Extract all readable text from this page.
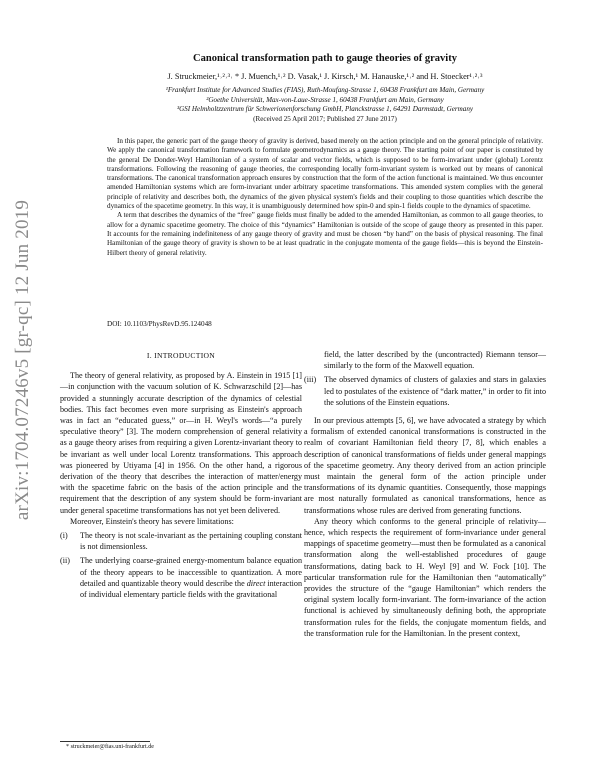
arXiv:1704.07246v5 [gr-qc] 12 Jun 2019
Canonical transformation path to gauge theories of gravity
J. Struckmeier,¹˒²˒³˒ * J. Muench,¹˒² D. Vasak,¹ J. Kirsch,¹ M. Hanauske,¹˒² and H. Stoecker¹˒²˒³
¹Frankfurt Institute for Advanced Studies (FIAS), Ruth-Moufang-Strasse 1, 60438 Frankfurt am Main, Germany
²Goethe Universität, Max-von-Laue-Strasse 1, 60438 Frankfurt am Main, Germany
³GSI Helmholtzzentrum für Schwerionenforschung GmbH, Planckstrasse 1, 64291 Darmstadt, Germany
(Received 25 April 2017; Published 27 June 2017)

In this paper, the generic part of the gauge theory of gravity is derived, based merely on the action principle and on the general principle of relativity. We apply the canonical transformation framework to formulate geometrodynamics as a gauge theory. The starting point of our paper is constituted by the general De Donder-Weyl Hamiltonian of a system of scalar and vector fields, which is supposed to be form-invariant under (global) Lorentz transformations. Following the reasoning of gauge theories, the corresponding locally form-invariant system is worked out by means of canonical transformations. The canonical transformation approach ensures by construction that the form of the action functional is maintained. We thus encounter amended Hamiltonian systems which are form-invariant under arbitrary spacetime transformations. This amended system complies with the general principle of relativity and describes both, the dynamics of the given physical system's fields and their coupling to those quantities which describe the dynamics of the spacetime geometry. In this way, it is unambiguously determined how spin-0 and spin-1 fields couple to the dynamics of spacetime.

A term that describes the dynamics of the “free” gauge fields must finally be added to the amended Hamiltonian, as common to all gauge theories, to allow for a dynamic spacetime geometry. The choice of this “dynamics” Hamiltonian is outside of the scope of gauge theory as presented in this paper. It accounts for the remaining indefiniteness of any gauge theory of gravity and must be chosen “by hand” on the basis of physical reasoning. The final Hamiltonian of the gauge theory of gravity is shown to be at least quadratic in the conjugate momenta of the gauge fields—this is beyond the Einstein-Hilbert theory of general relativity.

DOI: 10.1103/PhysRevD.95.124048
I. INTRODUCTION

The theory of general relativity, as proposed by A. Einstein in 1915 [1]—in conjunction with the vacuum solution of K. Schwarzschild [2]—has provided a stunningly accurate description of the dynamics of celestial bodies. This fact becomes even more surprising as Einstein's approach was in fact an “educated guess,” or—in H. Weyl's words—“a purely speculative theory” [3]. The modern comprehension of general relativity as a gauge theory arises from requiring a given Lorentz-invariant theory to be invariant as well under local Lorentz transformations. This approach was pioneered by Utiyama [4] in 1956. On the other hand, a rigorous derivation of the theory that describes the interaction of matter/energy with the spacetime fabric on the basis of the action principle and the requirement that the description of any system should be form-invariant under general spacetime transformations has not yet been delivered.

Moreover, Einstein's theory has severe limitations:

(i)	The theory is not scale-invariant as the pertaining coupling constant is not dimensionless.
(ii)	The underlying coarse-grained energy-momentum balance equation of the theory appears to be inaccessible to quantization. A more detailed and quantizable theory would describe the direct interaction of individual elementary particle fields with the gravitational
field, the latter described by the (uncontracted) Riemann tensor—similarly to the form of the Maxwell equation.
(iii) The observed dynamics of clusters of galaxies and stars in galaxies led to postulates of the existence of “dark matter,” in order to fit into the solutions of the Einstein equations.

In our previous attempts [5, 6], we have advocated a strategy by which a formalism of extended canonical transformations is constructed in the realm of covariant Hamiltonian field theory [7, 8], which enables a description of canonical transformations of fields under general mappings of the spacetime geometry. Any theory derived from an action principle must maintain the general form of the action principle under transformations of its dynamic quantities. Consequently, those mappings are most naturally formulated as canonical transformations, hence as transformations whose rules are derived from generating functions.

Any theory which conforms to the general principle of relativity—hence, which respects the requirement of form-invariance under general mappings of spacetime geometry—must then be formulated as a canonical transformation along the well-established procedures of gauge transformations, dating back to H. Weyl [9] and W. Fock [10]. The particular transformation rule for the Hamiltonian then “automatically” provides the structure of the “gauge Hamiltonian” which renders the original system locally form-invariant. The form-invariance of the action functional is achieved by simultaneously defining both, the appropriate transformation rules for the fields, the conjugate momentum fields, and the transformation rule for the Hamiltonian. In the present context,

* struckmeier@fias.uni-frankfurt.de
